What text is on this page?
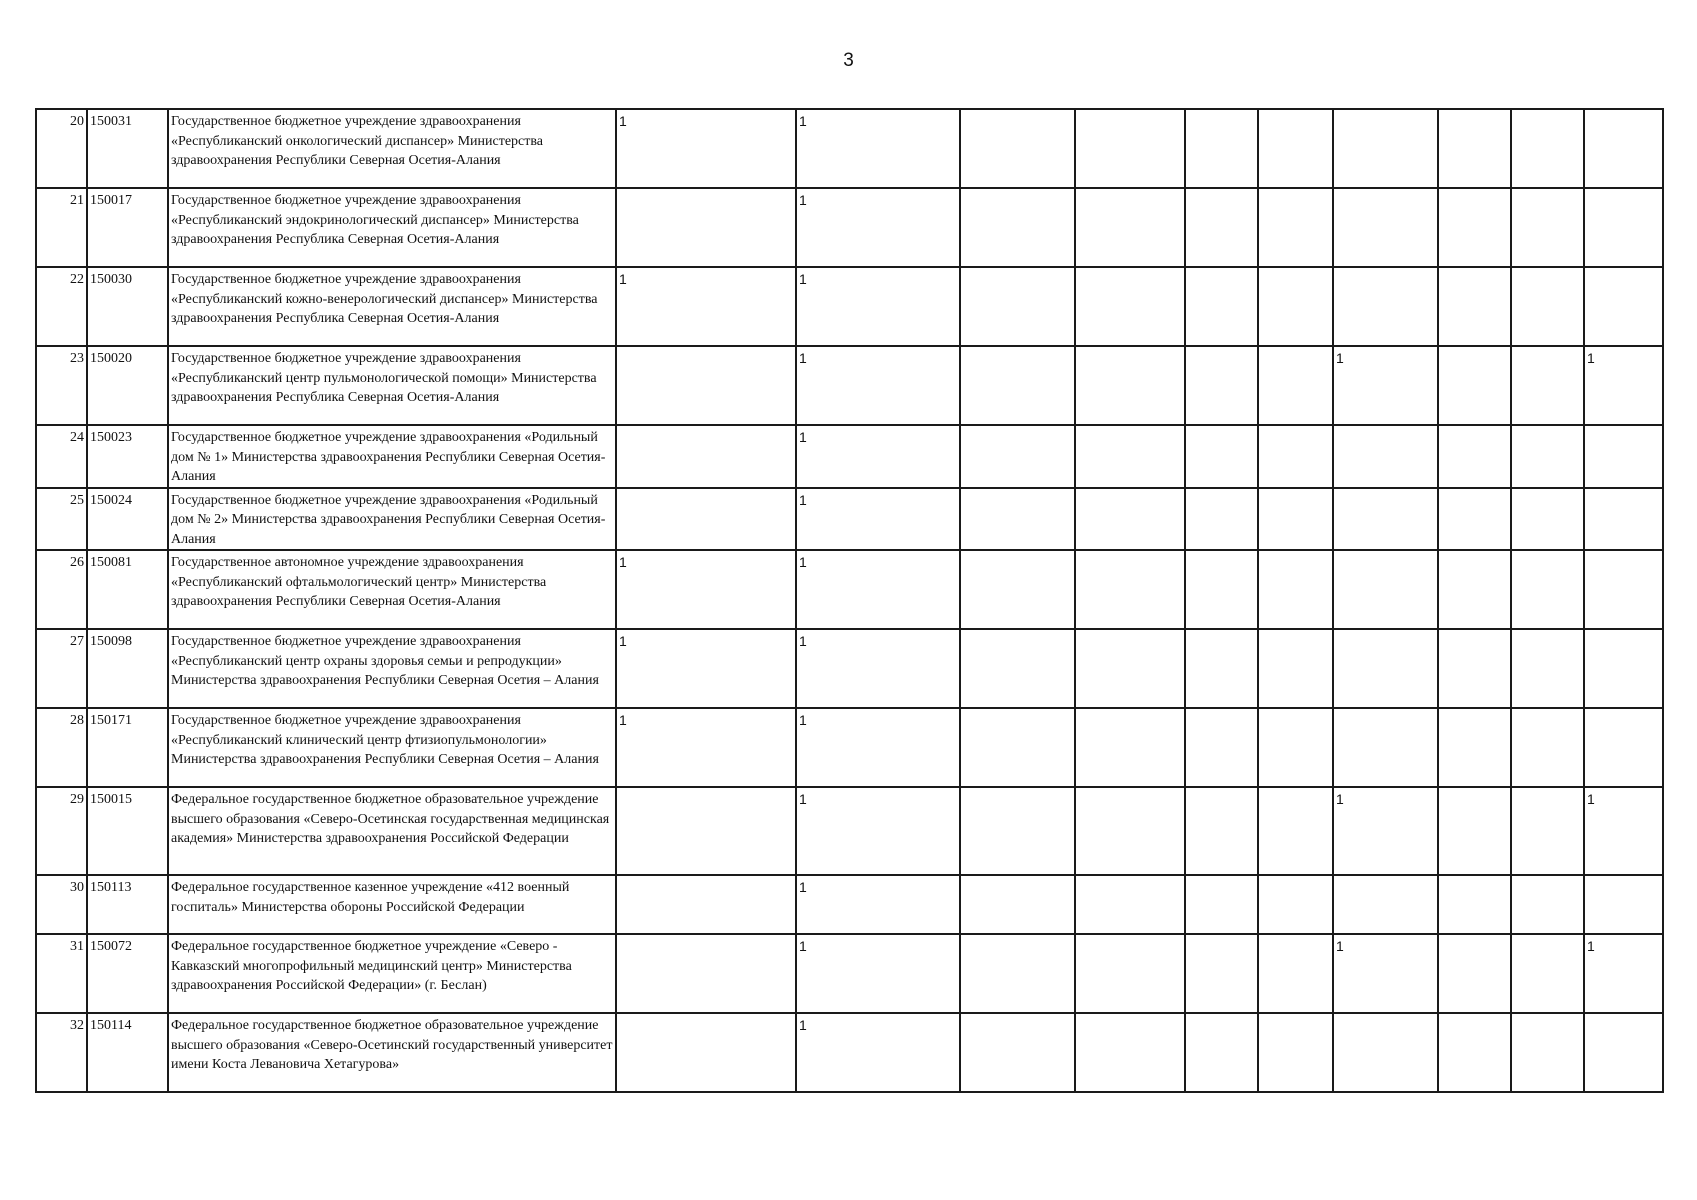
3
20	150031	Государственное бюджетное учреждение здравоохранения «Республиканский онкологический диспансер» Министерства здравоохранения Республики Северная Осетия-Алания	1	1								
21	150017	Государственное бюджетное учреждение здравоохранения «Республиканский эндокринологический диспансер» Министерства здравоохранения Республика Северная Осетия-Алания		1								
22	150030	Государственное бюджетное учреждение здравоохранения «Республиканский кожно-венерологический диспансер» Министерства здравоохранения Республика Северная Осетия-Алания	1	1								
23	150020	Государственное бюджетное учреждение здравоохранения «Республиканский центр пульмонологической помощи» Министерства здравоохранения Республика Северная Осетия-Алания		1					1			1
24	150023	Государственное бюджетное учреждение здравоохранения «Родильный дом № 1» Министерства здравоохранения Республики Северная Осетия-Алания		1								
25	150024	Государственное бюджетное учреждение здравоохранения «Родильный дом № 2» Министерства здравоохранения Республики Северная Осетия-Алания		1								
26	150081	Государственное автономное учреждение здравоохранения «Республиканский офтальмологический центр» Министерства здравоохранения Республики Северная Осетия-Алания	1	1								
27	150098	Государственное бюджетное учреждение здравоохранения «Республиканский центр охраны здоровья семьи и репродукции» Министерства здравоохранения Республики Северная Осетия – Алания	1	1								
28	150171	Государственное бюджетное учреждение здравоохранения «Республиканский клинический центр фтизиопульмонологии» Министерства здравоохранения Республики Северная Осетия – Алания	1	1								
29	150015	Федеральное государственное бюджетное образовательное учреждение высшего образования «Северо-Осетинская государственная медицинская академия» Министерства здравоохранения Российской Федерации		1					1			1
30	150113	Федеральное государственное казенное учреждение «412 военный госпиталь» Министерства обороны Российской Федерации		1								
31	150072	Федеральное государственное бюджетное учреждение «Северо - Кавказский многопрофильный медицинский центр» Министерства здравоохранения Российской Федерации» (г. Беслан)		1					1			1
32	150114	Федеральное государственное бюджетное образовательное учреждение высшего образования «Северо-Осетинский государственный университет имени Коста Левановича Хетагурова»		1								
